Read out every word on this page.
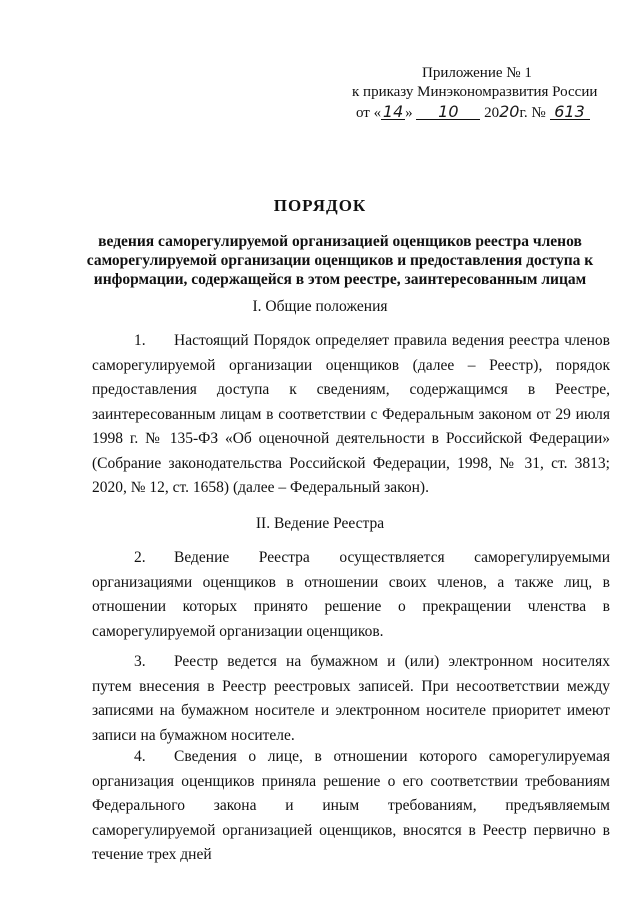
Приложение № 1
к приказу Минэкономразвития России
от « 14 » 10 2020г. № 613
ПОРЯДОК
ведения саморегулируемой организацией оценщиков реестра членов саморегулируемой организации оценщиков и предоставления доступа к информации, содержащейся в этом реестре, заинтересованным лицам
I. Общие положения
1. Настоящий Порядок определяет правила ведения реестра членов саморегулируемой организации оценщиков (далее – Реестр), порядок предоставления доступа к сведениям, содержащимся в Реестре, заинтересованным лицам в соответствии с Федеральным законом от 29 июля 1998 г. № 135-ФЗ «Об оценочной деятельности в Российской Федерации» (Собрание законодательства Российской Федерации, 1998, № 31, ст. 3813; 2020, № 12, ст. 1658) (далее – Федеральный закон).
II. Ведение Реестра
2. Ведение Реестра осуществляется саморегулируемыми организациями оценщиков в отношении своих членов, а также лиц, в отношении которых принято решение о прекращении членства в саморегулируемой организации оценщиков.
3. Реестр ведется на бумажном и (или) электронном носителях путем внесения в Реестр реестровых записей. При несоответствии между записями на бумажном носителе и электронном носителе приоритет имеют записи на бумажном носителе.
4. Сведения о лице, в отношении которого саморегулируемая организация оценщиков приняла решение о его соответствии требованиям Федерального закона и иным требованиям, предъявляемым саморегулируемой организацией оценщиков, вносятся в Реестр первично в течение трех дней
